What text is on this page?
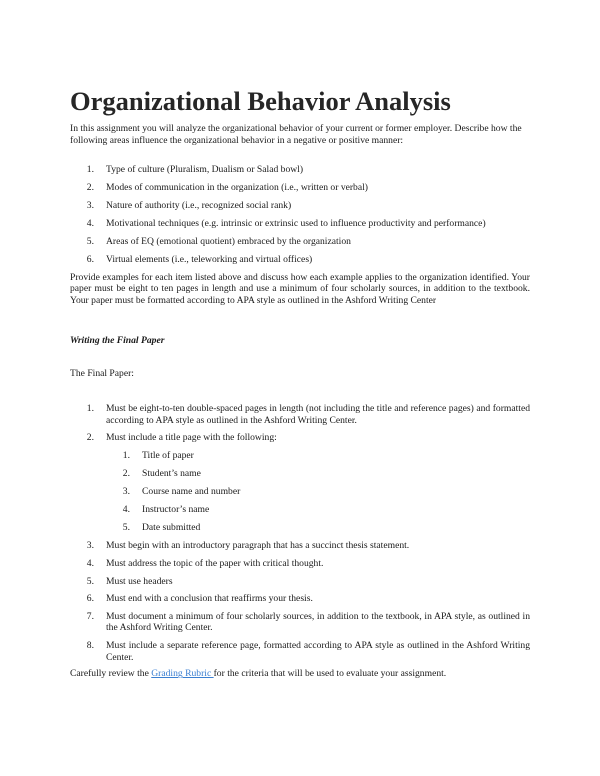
Organizational Behavior Analysis

In this assignment you will analyze the organizational behavior of your current or former employer. Describe how the following areas influence the organizational behavior in a negative or positive manner:

1. Type of culture (Pluralism, Dualism or Salad bowl)
2. Modes of communication in the organization (i.e., written or verbal)
3. Nature of authority (i.e., recognized social rank)
4. Motivational techniques (e.g. intrinsic or extrinsic used to influence productivity and performance)
5. Areas of EQ (emotional quotient) embraced by the organization
6. Virtual elements (i.e., teleworking and virtual offices)

Provide examples for each item listed above and discuss how each example applies to the organization identified. Your paper must be eight to ten pages in length and use a minimum of four scholarly sources, in addition to the textbook. Your paper must be formatted according to APA style as outlined in the Ashford Writing Center

Writing the Final Paper

The Final Paper:

1. Must be eight-to-ten double-spaced pages in length (not including the title and reference pages) and formatted according to APA style as outlined in the Ashford Writing Center.
2. Must include a title page with the following:
1. Title of paper
2. Student’s name
3. Course name and number
4. Instructor’s name
5. Date submitted
3. Must begin with an introductory paragraph that has a succinct thesis statement.
4. Must address the topic of the paper with critical thought.
5. Must use headers
6. Must end with a conclusion that reaffirms your thesis.
7. Must document a minimum of four scholarly sources, in addition to the textbook, in APA style, as outlined in the Ashford Writing Center.
8. Must include a separate reference page, formatted according to APA style as outlined in the Ashford Writing Center.

Carefully review the Grading Rubric for the criteria that will be used to evaluate your assignment.
